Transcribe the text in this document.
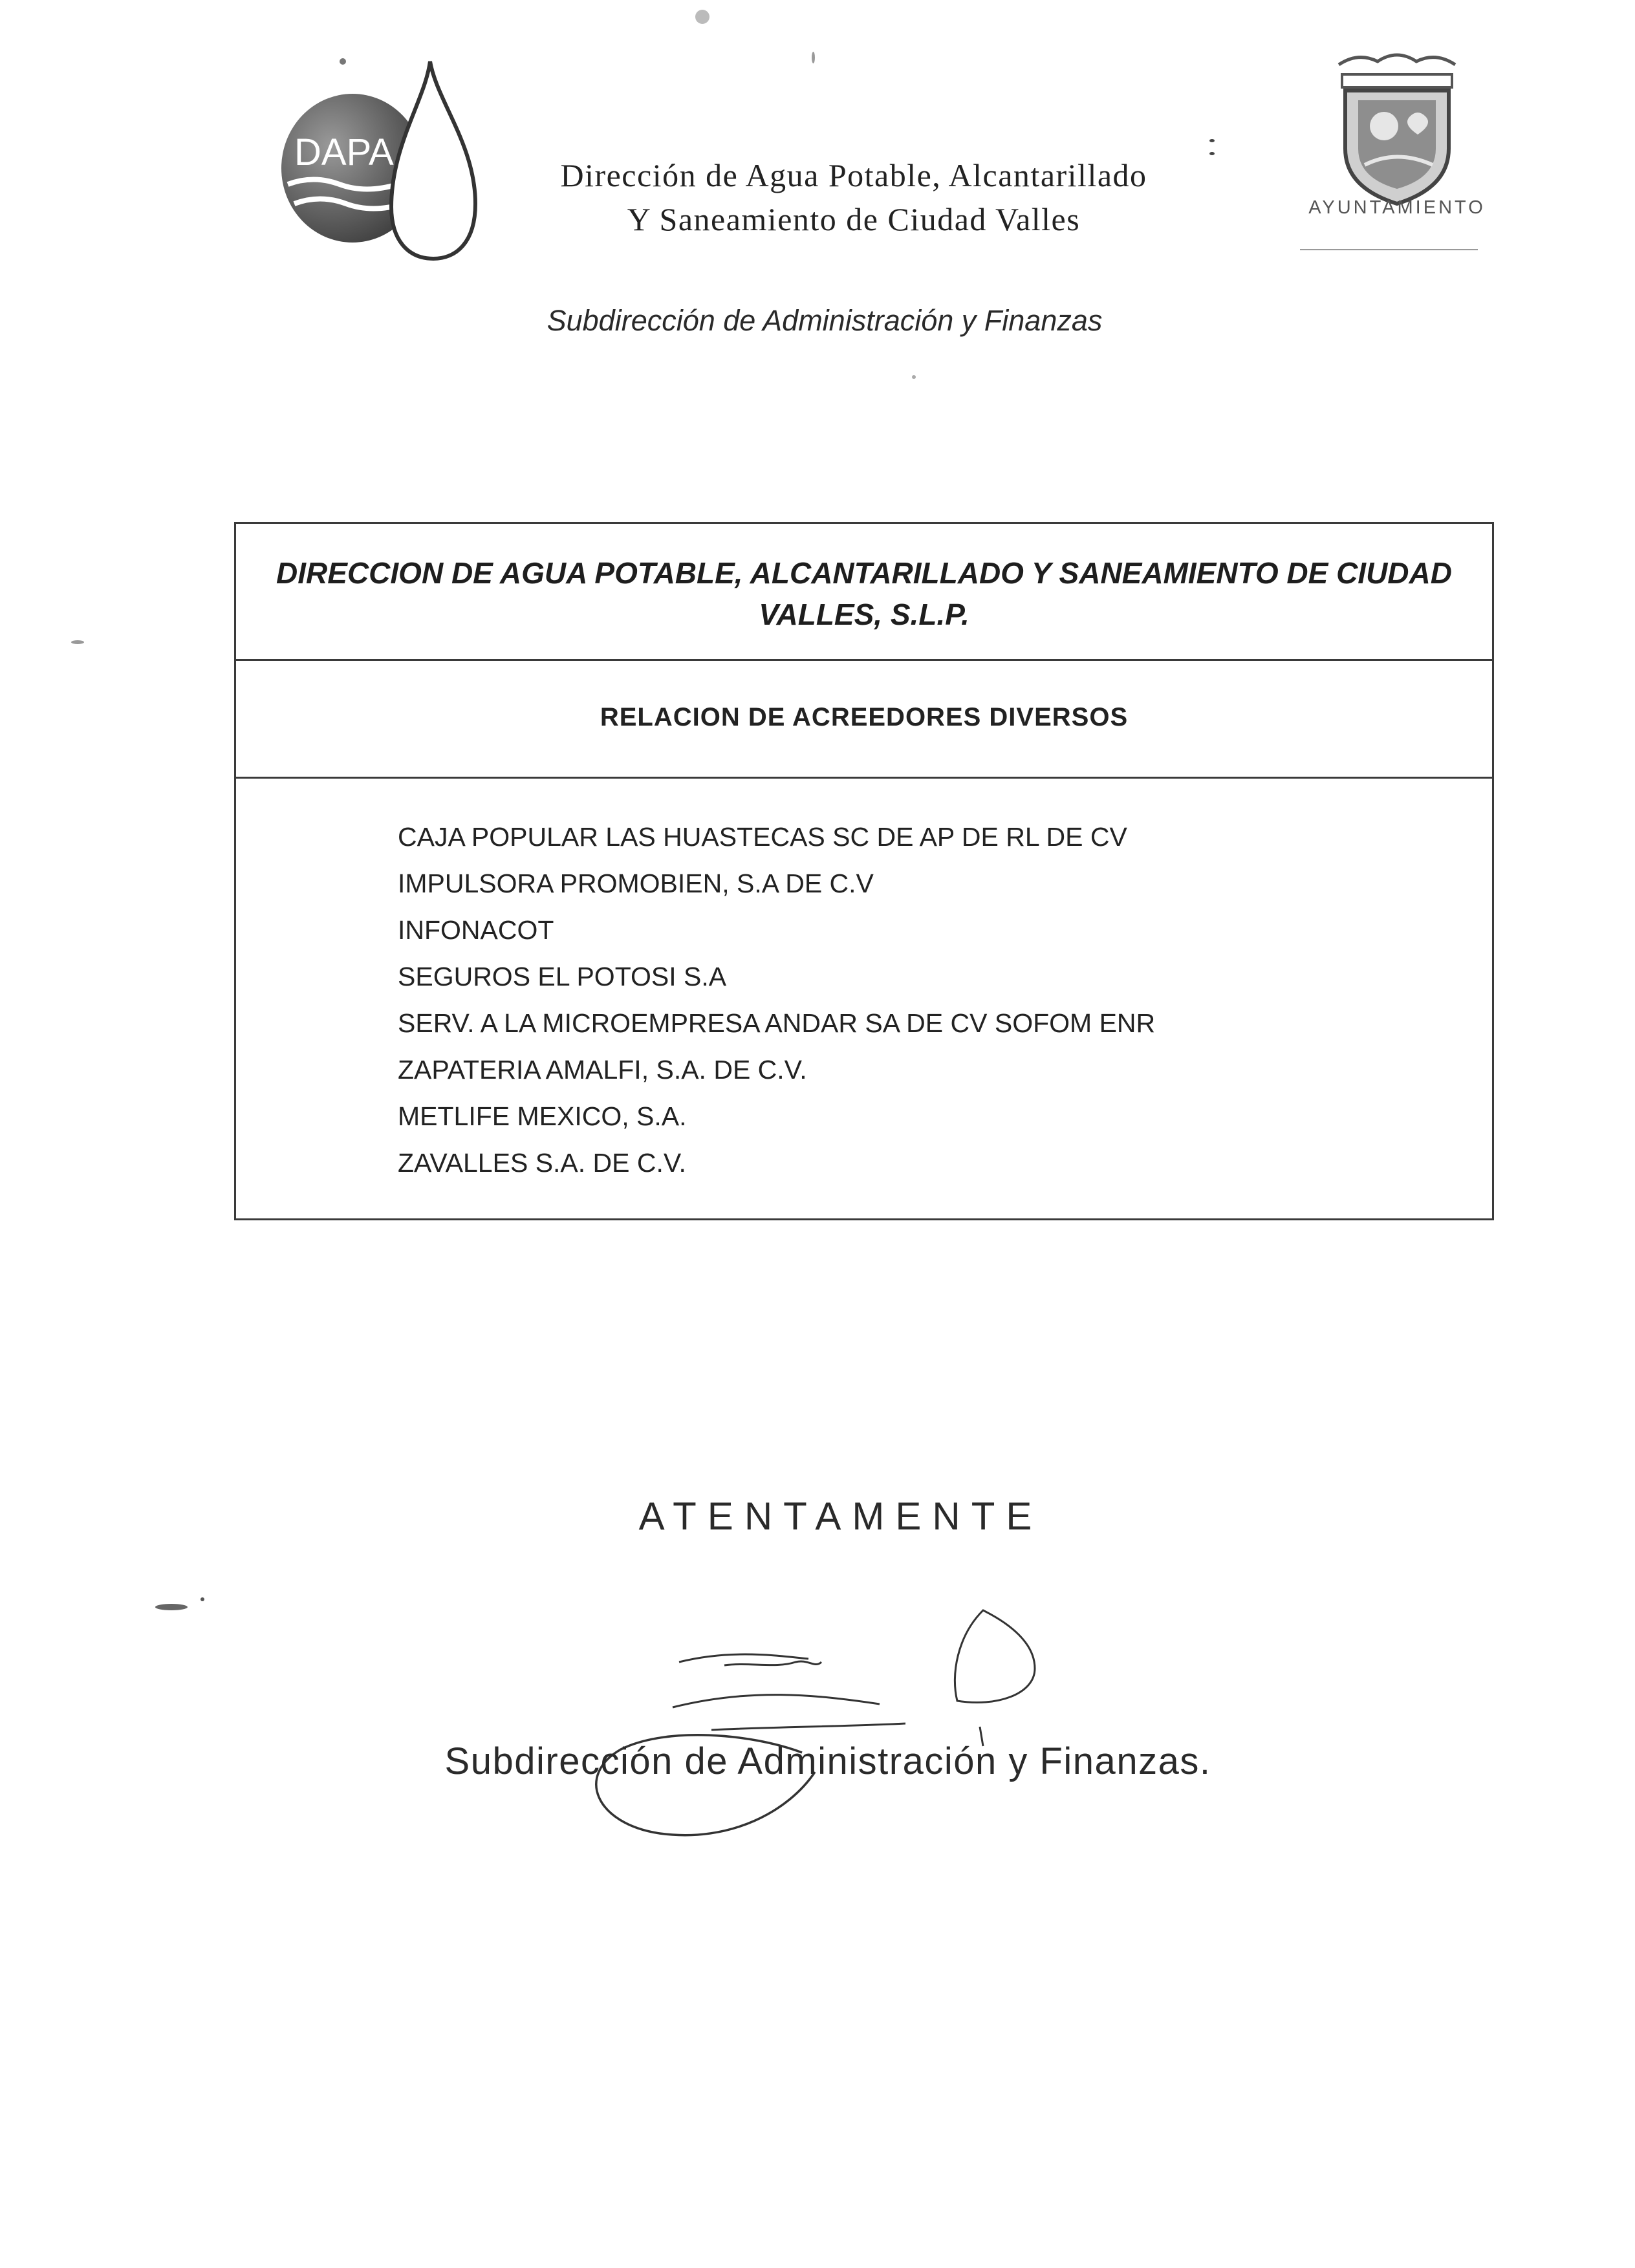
DAPA
Dirección de Agua Potable, Alcantarillado
Y Saneamiento de Ciudad Valles
Subdirección de Administración y Finanzas
AYUNTAMIENTO
DIRECCION DE AGUA POTABLE, ALCANTARILLADO Y SANEAMIENTO DE CIUDAD VALLES, S.L.P.
RELACION DE ACREEDORES DIVERSOS
CAJA POPULAR LAS HUASTECAS SC DE AP DE RL DE CV
IMPULSORA PROMOBIEN, S.A DE C.V
INFONACOT
SEGUROS EL POTOSI S.A
SERV. A LA MICROEMPRESA ANDAR SA DE CV SOFOM ENR
ZAPATERIA AMALFI, S.A. DE C.V.
METLIFE MEXICO, S.A.
ZAVALLES S.A. DE C.V.
ATENTAMENTE
Subdirección de Administración y Finanzas.
